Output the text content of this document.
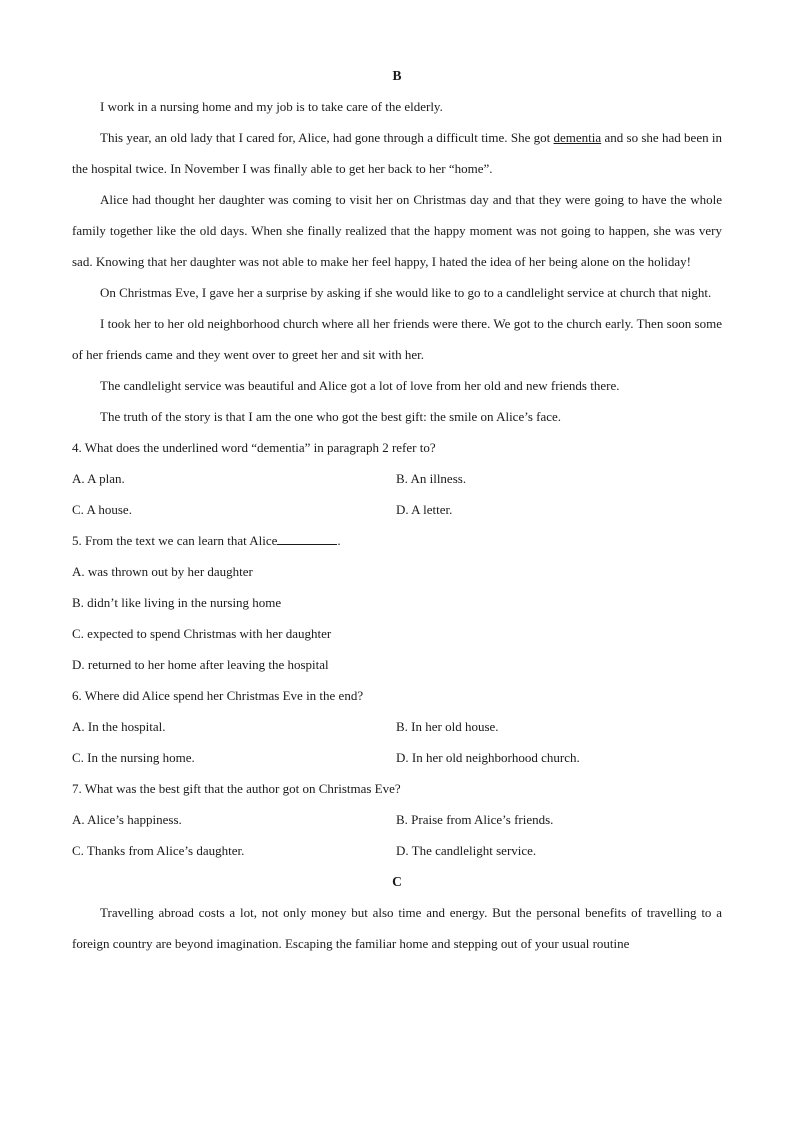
B

I work in a nursing home and my job is to take care of the elderly.

This year, an old lady that I cared for, Alice, had gone through a difficult time. She got dementia and so she had been in the hospital twice. In November I was finally able to get her back to her “home”.

Alice had thought her daughter was coming to visit her on Christmas day and that they were going to have the whole family together like the old days. When she finally realized that the happy moment was not going to happen, she was very sad. Knowing that her daughter was not able to make her feel happy, I hated the idea of her being alone on the holiday!

On Christmas Eve, I gave her a surprise by asking if she would like to go to a candlelight service at church that night.

I took her to her old neighborhood church where all her friends were there. We got to the church early. Then soon some of her friends came and they went over to greet her and sit with her.

The candlelight service was beautiful and Alice got a lot of love from her old and new friends there.

The truth of the story is that I am the one who got the best gift: the smile on Alice’s face.

4. What does the underlined word “dementia” in paragraph 2 refer to?

A. A plan.	B. An illness.
C. A house.	D. A letter.

5. From the text we can learn that Alice	.

A. was thrown out by her daughter
B. didn’t like living in the nursing home
C. expected to spend Christmas with her daughter
D. returned to her home after leaving the hospital

6. Where did Alice spend her Christmas Eve in the end?

A. In the hospital.	B. In her old house.
C. In the nursing home.	D. In her old neighborhood church.

7. What was the best gift that the author got on Christmas Eve?

A. Alice’s happiness.	B. Praise from Alice’s friends.
C. Thanks from Alice’s daughter.	D. The candlelight service.
C

Travelling abroad costs a lot, not only money but also time and energy. But the personal benefits of travelling to a foreign country are beyond imagination. Escaping the familiar home and stepping out of your usual routine
